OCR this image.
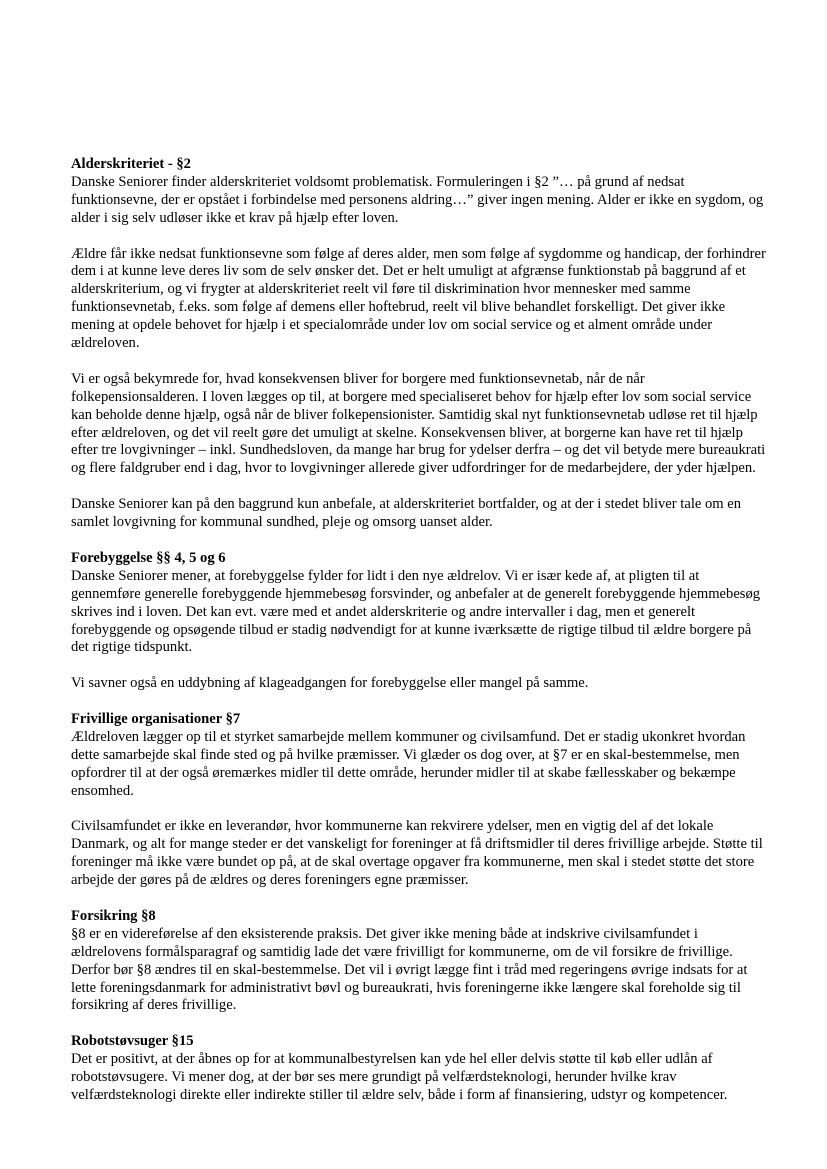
Alderskriteriet - §2

Danske Seniorer finder alderskriteriet voldsomt problematisk. Formuleringen i §2 ”… på grund af nedsat funktionsevne, der er opstået i forbindelse med personens aldring…” giver ingen mening. Alder er ikke en sygdom, og alder i sig selv udløser ikke et krav på hjælp efter loven.

Ældre får ikke nedsat funktionsevne som følge af deres alder, men som følge af sygdomme og handicap, der forhindrer dem i at kunne leve deres liv som de selv ønsker det. Det er helt umuligt at afgrænse funktionstab på baggrund af et alderskriterium, og vi frygter at alderskriteriet reelt vil føre til diskrimination hvor mennesker med samme funktionsevnetab, f.eks. som følge af demens eller hoftebrud, reelt vil blive behandlet forskelligt. Det giver ikke mening at opdele behovet for hjælp i et specialområde under lov om social service og et alment område under ældreloven.

Vi er også bekymrede for, hvad konsekvensen bliver for borgere med funktionsevnetab, når de når folkepensionsalderen. I loven lægges op til, at borgere med specialiseret behov for hjælp efter lov som social service kan beholde denne hjælp, også når de bliver folkepensionister. Samtidig skal nyt funktionsevnetab udløse ret til hjælp efter ældreloven, og det vil reelt gøre det umuligt at skelne. Konsekvensen bliver, at borgerne kan have ret til hjælp efter tre lovgivninger – inkl. Sundhedsloven, da mange har brug for ydelser derfra – og det vil betyde mere bureaukrati og flere faldgruber end i dag, hvor to lovgivninger allerede giver udfordringer for de medarbejdere, der yder hjælpen.

Danske Seniorer kan på den baggrund kun anbefale, at alderskriteriet bortfalder, og at der i stedet bliver tale om en samlet lovgivning for kommunal sundhed, pleje og omsorg uanset alder.

Forebyggelse §§ 4, 5 og 6

Danske Seniorer mener, at forebyggelse fylder for lidt i den nye ældrelov. Vi er især kede af, at pligten til at gennemføre generelle forebyggende hjemmebesøg forsvinder, og anbefaler at de generelt forebyggende hjemmebesøg skrives ind i loven. Det kan evt. være med et andet alderskriterie og andre intervaller i dag, men et generelt forebyggende og opsøgende tilbud er stadig nødvendigt for at kunne iværksætte de rigtige tilbud til ældre borgere på det rigtige tidspunkt.

Vi savner også en uddybning af klageadgangen for forebyggelse eller mangel på samme.

Frivillige organisationer §7

Ældreloven lægger op til et styrket samarbejde mellem kommuner og civilsamfund. Det er stadig ukonkret hvordan dette samarbejde skal finde sted og på hvilke præmisser. Vi glæder os dog over, at §7 er en skal-bestemmelse, men opfordrer til at der også øremærkes midler til dette område, herunder midler til at skabe fællesskaber og bekæmpe ensomhed.

Civilsamfundet er ikke en leverandør, hvor kommunerne kan rekvirere ydelser, men en vigtig del af det lokale Danmark, og alt for mange steder er det vanskeligt for foreninger at få driftsmidler til deres frivillige arbejde. Støtte til foreninger må ikke være bundet op på, at de skal overtage opgaver fra kommunerne, men skal i stedet støtte det store arbejde der gøres på de ældres og deres foreningers egne præmisser.

Forsikring §8

§8 er en videreførelse af den eksisterende praksis. Det giver ikke mening både at indskrive civilsamfundet i ældrelovens formålsparagraf og samtidig lade det være frivilligt for kommunerne, om de vil forsikre de frivillige. Derfor bør §8 ændres til en skal-bestemmelse. Det vil i øvrigt lægge fint i tråd med regeringens øvrige indsats for at lette foreningsdanmark for administrativt bøvl og bureaukrati, hvis foreningerne ikke længere skal foreholde sig til forsikring af deres frivillige.

Robotstøvsuger §15

Det er positivt, at der åbnes op for at kommunalbestyrelsen kan yde hel eller delvis støtte til køb eller udlån af robotstøvsugere. Vi mener dog, at der bør ses mere grundigt på velfærdsteknologi, herunder hvilke krav velfærdsteknologi direkte eller indirekte stiller til ældre selv, både i form af finansiering, udstyr og kompetencer.
